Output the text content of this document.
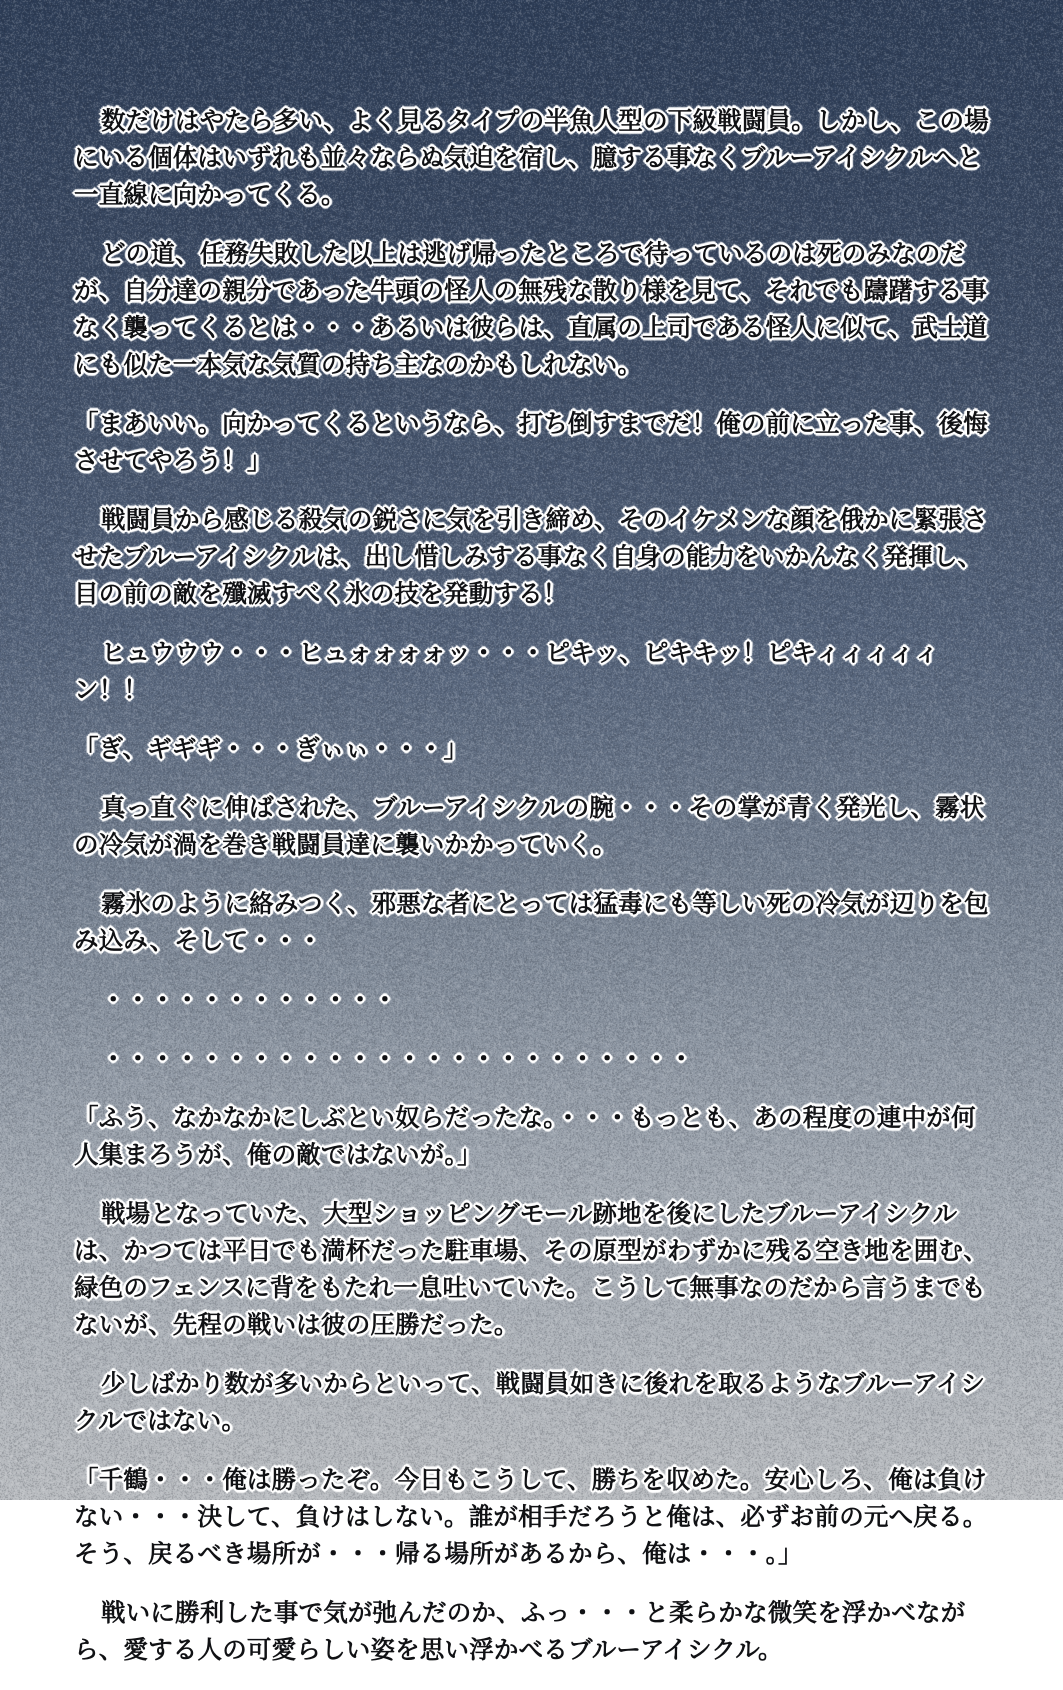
数だけはやたら多い、よく見るタイプの半魚人型の下級戦闘員。しかし、この場にいる個体はいずれも並々ならぬ気迫を宿し、臆する事なくブルーアイシクルへと一直線に向かってくる。

どの道、任務失敗した以上は逃げ帰ったところで待っているのは死のみなのだが、自分達の親分であった牛頭の怪人の無残な散り様を見て、それでも躊躇する事なく襲ってくるとは・・・あるいは彼らは、直属の上司である怪人に似て、武士道にも似た一本気な気質の持ち主なのかもしれない。

「まあいい。向かってくるというなら、打ち倒すまでだ！俺の前に立った事、後悔させてやろう！」

戦闘員から感じる殺気の鋭さに気を引き締め、そのイケメンな顔を俄かに緊張させたブルーアイシクルは、出し惜しみする事なく自身の能力をいかんなく発揮し、目の前の敵を殲滅すべく氷の技を発動する！

ヒュウウウ・・・ヒュォォォォッ・・・ピキッ、ピキキッ！ピキィィィィィン！！

「ぎ、ギギギ・・・ぎぃぃ・・・」

真っ直ぐに伸ばされた、ブルーアイシクルの腕・・・その掌が青く発光し、霧状の冷気が渦を巻き戦闘員達に襲いかかっていく。

霧氷のように絡みつく、邪悪な者にとっては猛毒にも等しい死の冷気が辺りを包み込み、そして・・・

・・・・・・・・・・・・

・・・・・・・・・・・・・・・・・・・・・・・・

「ふう、なかなかにしぶとい奴らだったな。・・・もっとも、あの程度の連中が何人集まろうが、俺の敵ではないが。」

戦場となっていた、大型ショッピングモール跡地を後にしたブルーアイシクルは、かつては平日でも満杯だった駐車場、その原型がわずかに残る空き地を囲む、緑色のフェンスに背をもたれ一息吐いていた。こうして無事なのだから言うまでもないが、先程の戦いは彼の圧勝だった。

少しばかり数が多いからといって、戦闘員如きに後れを取るようなブルーアイシクルではない。

「千鶴・・・俺は勝ったぞ。今日もこうして、勝ちを収めた。安心しろ、俺は負けない・・・決して、負けはしない。誰が相手だろうと俺は、必ずお前の元へ戻る。そう、戻るべき場所が・・・帰る場所があるから、俺は・・・。」

戦いに勝利した事で気が弛んだのか、ふっ・・・と柔らかな微笑を浮かべながら、愛する人の可愛らしい姿を思い浮かべるブルーアイシクル。
